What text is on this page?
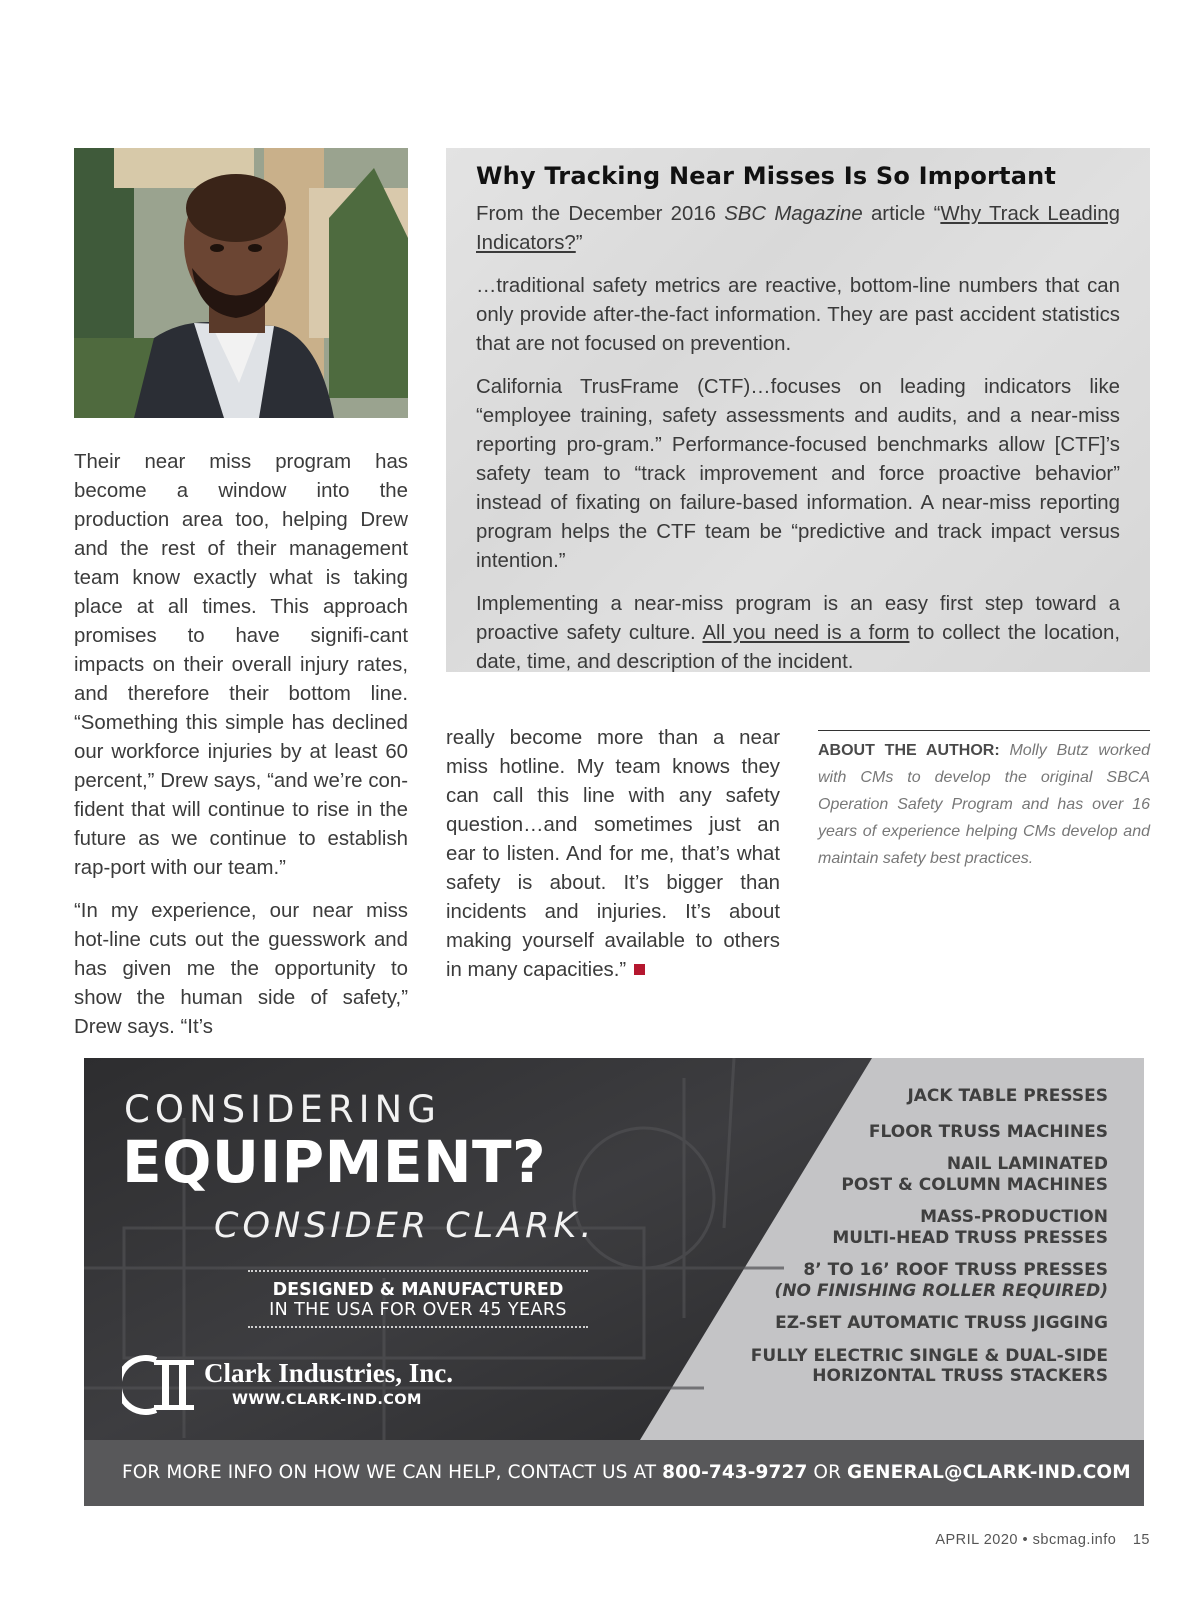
Their near miss program has become a window into the production area too, helping Drew and the rest of their management team know exactly what is taking place at all times. This approach promises to have signifi-cant impacts on their overall injury rates, and therefore their bottom line. “Something this simple has declined our workforce injuries by at least 60 percent,” Drew says, “and we’re con-fident that will continue to rise in the future as we continue to establish rap-port with our team.”

“In my experience, our near miss hot-line cuts out the guesswork and has given me the opportunity to show the human side of safety,” Drew says. “It’s

Why Tracking Near Misses Is So Important

From the December 2016 SBC Magazine article “Why Track Leading Indicators?”

…traditional safety metrics are reactive, bottom-line numbers that can only provide after-the-fact information. They are past accident statistics that are not focused on prevention.

California TrusFrame (CTF)…focuses on leading indicators like “employee training, safety assessments and audits, and a near-miss reporting pro-gram.” Performance-focused benchmarks allow [CTF]’s safety team to “track improvement and force proactive behavior” instead of fixating on failure-based information. A near-miss reporting program helps the CTF team be “predictive and track impact versus intention.”

Implementing a near-miss program is an easy first step toward a proactive safety culture. All you need is a form to collect the location, date, time, and description of the incident.

really become more than a near miss hotline. My team knows they can call this line with any safety question…and sometimes just an ear to listen. And for me, that’s what safety is about. It’s bigger than incidents and injuries. It’s about making yourself available to others in many capacities.”

ABOUT THE AUTHOR: Molly Butz worked with CMs to develop the original SBCA Operation Safety Program and has over 16 years of experience helping CMs develop and maintain safety best practices.
CONSIDERING
EQUIPMENT?
CONSIDER CLARK.
DESIGNED & MANUFACTURED
IN THE USA FOR OVER 45 YEARS
Clark Industries, Inc.
WWW.CLARK-IND.COM
JACK TABLE PRESSES
FLOOR TRUSS MACHINES
NAIL LAMINATED
POST & COLUMN MACHINES
MASS-PRODUCTION
MULTI-HEAD TRUSS PRESSES
8’ TO 16’ ROOF TRUSS PRESSES
(NO FINISHING ROLLER REQUIRED)
EZ-SET AUTOMATIC TRUSS JIGGING
FULLY ELECTRIC SINGLE & DUAL-SIDE
HORIZONTAL TRUSS STACKERS
FOR MORE INFO ON HOW WE CAN HELP, CONTACT US AT 800-743-9727 OR GENERAL@CLARK-IND.COM
APRIL 2020 • sbcmag.info 15
